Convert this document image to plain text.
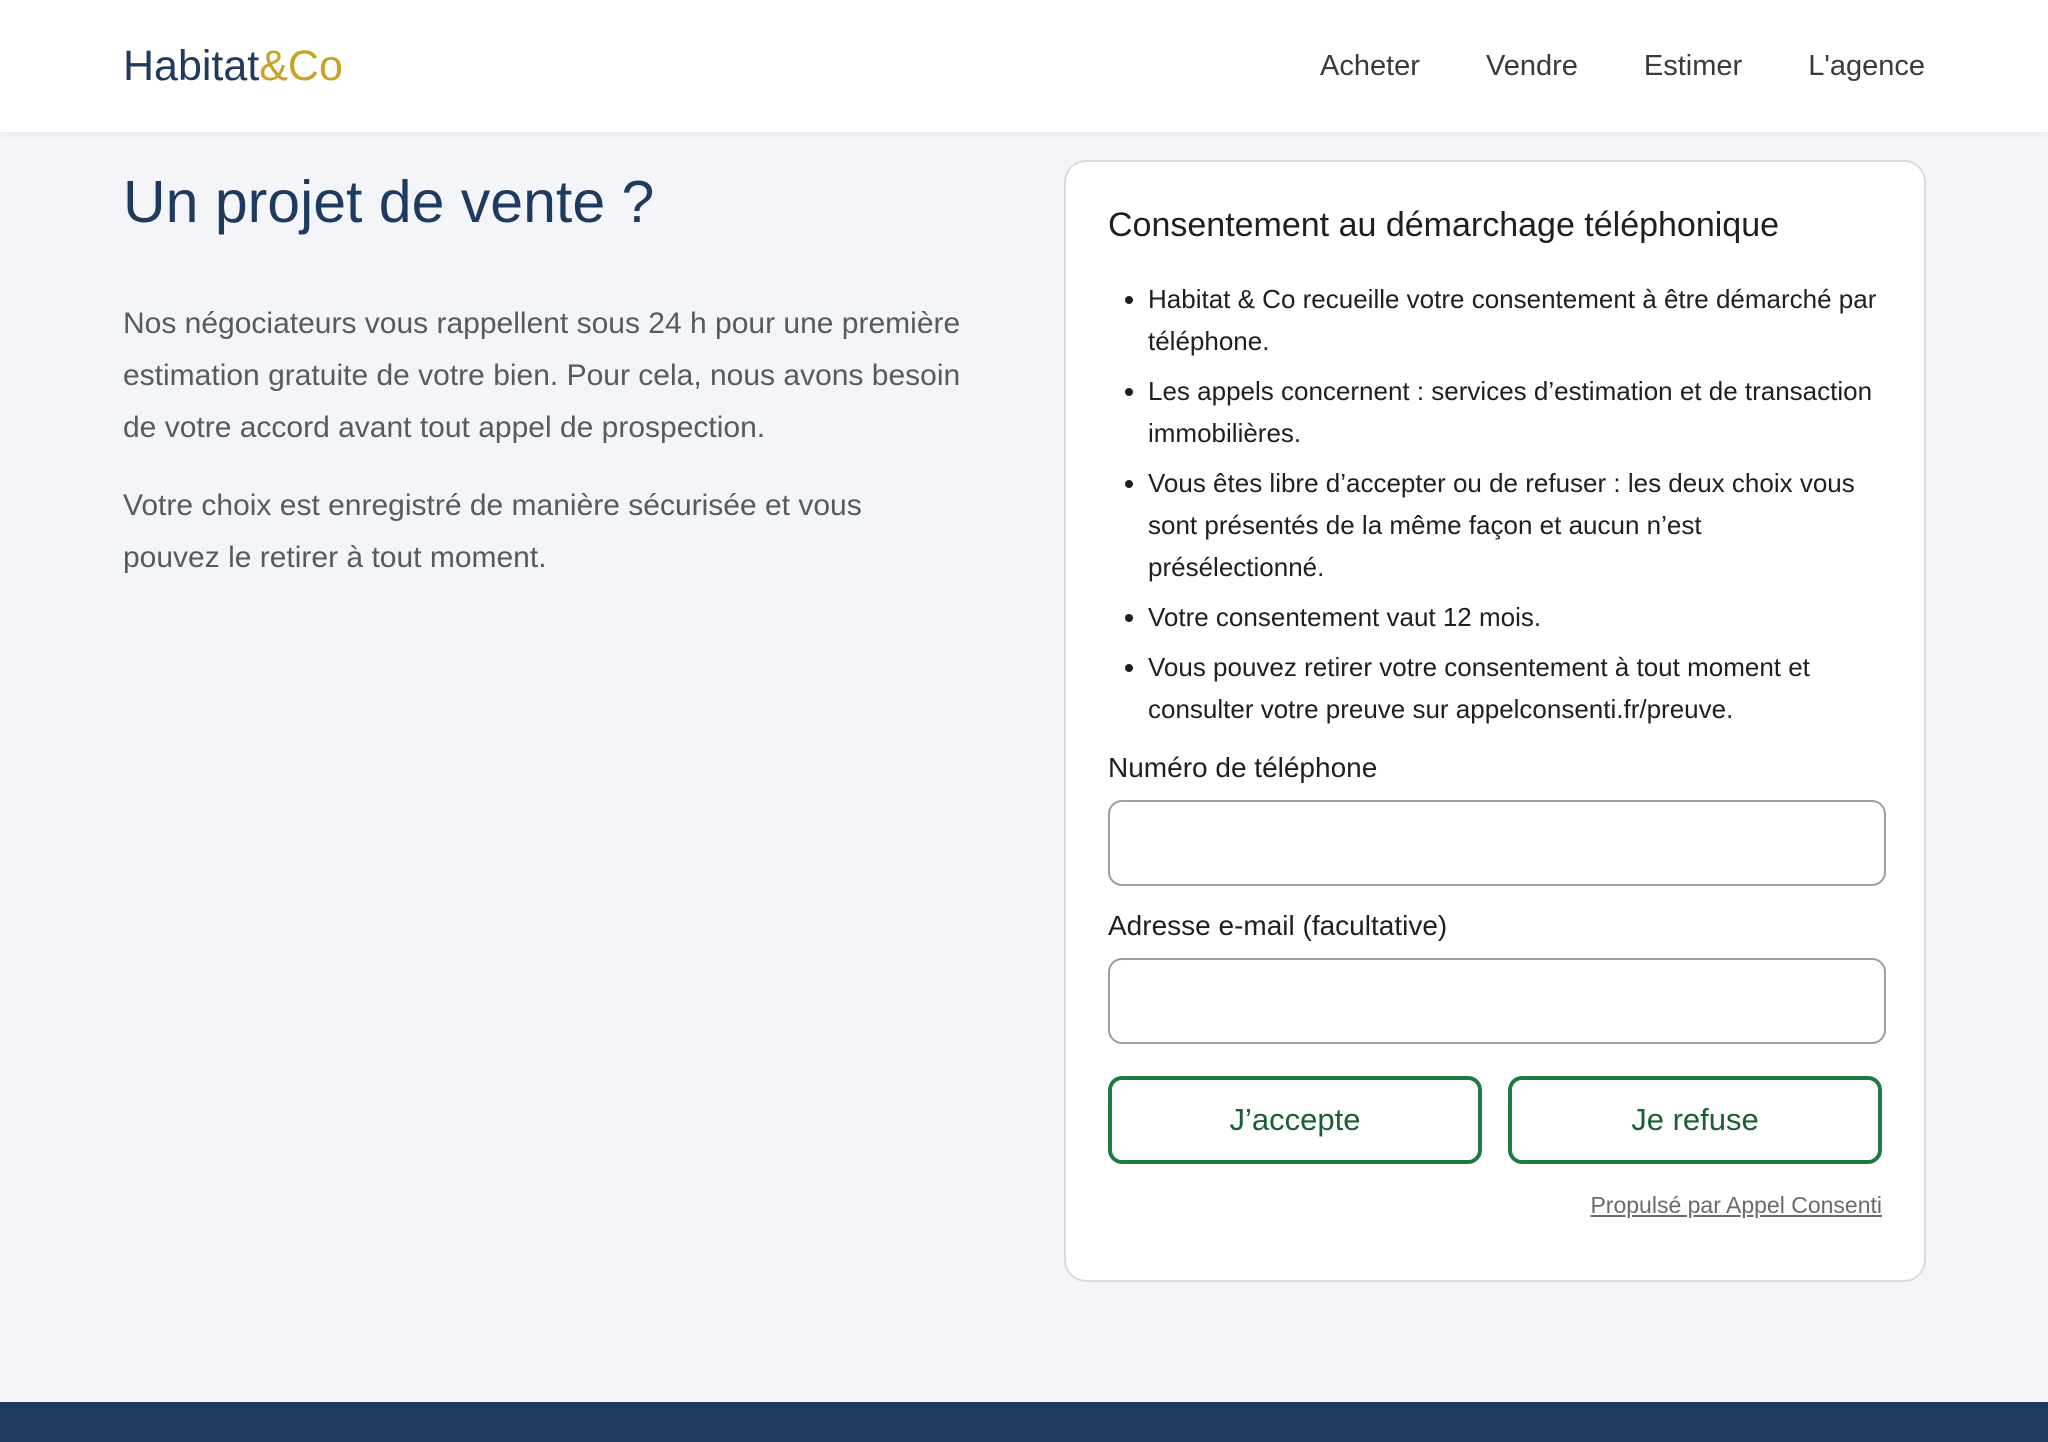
Habitat&Co	Acheter Vendre Estimer L'agence
Un projet de vente ?

Nos négociateurs vous rappellent sous 24 h pour une première estimation gratuite de votre bien. Pour cela, nous avons besoin de votre accord avant tout appel de prospection.

Votre choix est enregistré de manière sécurisée et vous pouvez le retirer à tout moment.

Consentement au démarchage téléphonique
• Habitat & Co recueille votre consentement à être démarché par téléphone.
• Les appels concernent : services d’estimation et de transaction immobilières.
• Vous êtes libre d’accepter ou de refuser : les deux choix vous sont présentés de la même façon et aucun n’est présélectionné.
• Votre consentement vaut 12 mois.
• Vous pouvez retirer votre consentement à tout moment et consulter votre preuve sur appelconsenti.fr/preuve.
Numéro de téléphone
Adresse e-mail (facultative)
J’accepte	Je refuse
Propulsé par Appel Consenti
